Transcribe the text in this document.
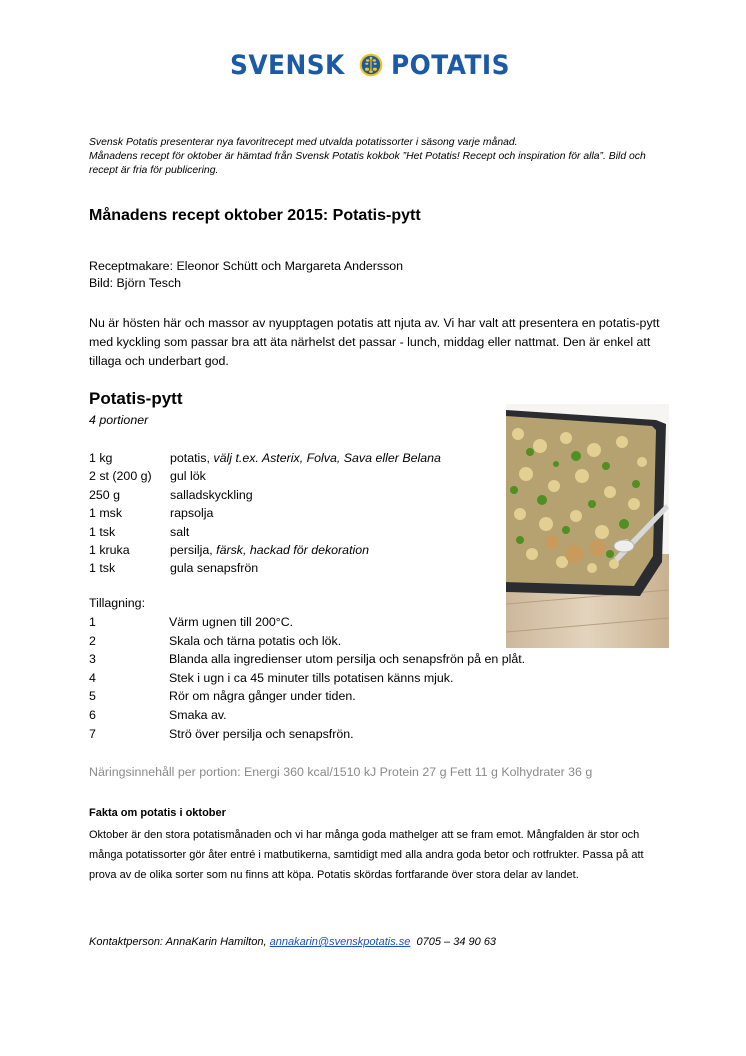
SVENSK POTATIS

Svensk Potatis presenterar nya favoritrecept med utvalda potatissorter i säsong varje månad.

Månadens recept för oktober är hämtad från Svensk Potatis kokbok ”Het Potatis! Recept och inspiration för alla”. Bild och recept är fria för publicering.

Månadens recept oktober 2015: Potatis-pytt
Receptmakare: Eleonor Schütt och Margareta Andersson
Bild: Björn Tesch

Nu är hösten här och massor av nyupptagen potatis att njuta av. Vi har valt att presentera en potatis-pytt med kyckling som passar bra att äta närhelst det passar - lunch, middag eller nattmat. Den är enkel att tillaga och underbart god.

Potatis-pytt
4 portioner
1 kg	potatis,
välj t.ex. Asterix, Folva, Sava eller Belana
2 st (200 g)	gul lök
250 g	salladskyckling
1 msk	rapsolja
1 tsk	salt
1 kruka	persilja,
färsk, hackad för dekoration
1 tsk	gula senapsfrön
Tillagning:
1	Värm ugnen till 200°C.
2	Skala och tärna potatis och lök.
3	Blanda alla ingredienser utom persilja och senapsfrön på en plåt.
4	Stek i ugn i ca 45 minuter tills potatisen känns mjuk.
5	Rör om några gånger under tiden.
6	Smaka av.
7	Strö över persilja och senapsfrön.
Näringsinnehåll per portion: Energi 360 kcal/1510 kJ Protein 27 g Fett 11 g Kolhydrater 36 g
Fakta om potatis i oktober

Oktober är den stora potatismånaden och vi har många goda mathelger att se fram emot. Mångfalden är stor och många potatissorter gör åter entré i matbutikerna, samtidigt med alla andra goda betor och rotfrukter. Passa på att prova av de olika sorter som nu finns att köpa. Potatis skördas fortfarande över stora delar av landet.

Kontaktperson: AnnaKarin Hamilton, annakarin@svenskpotatis.se 0705 – 34 90 63
